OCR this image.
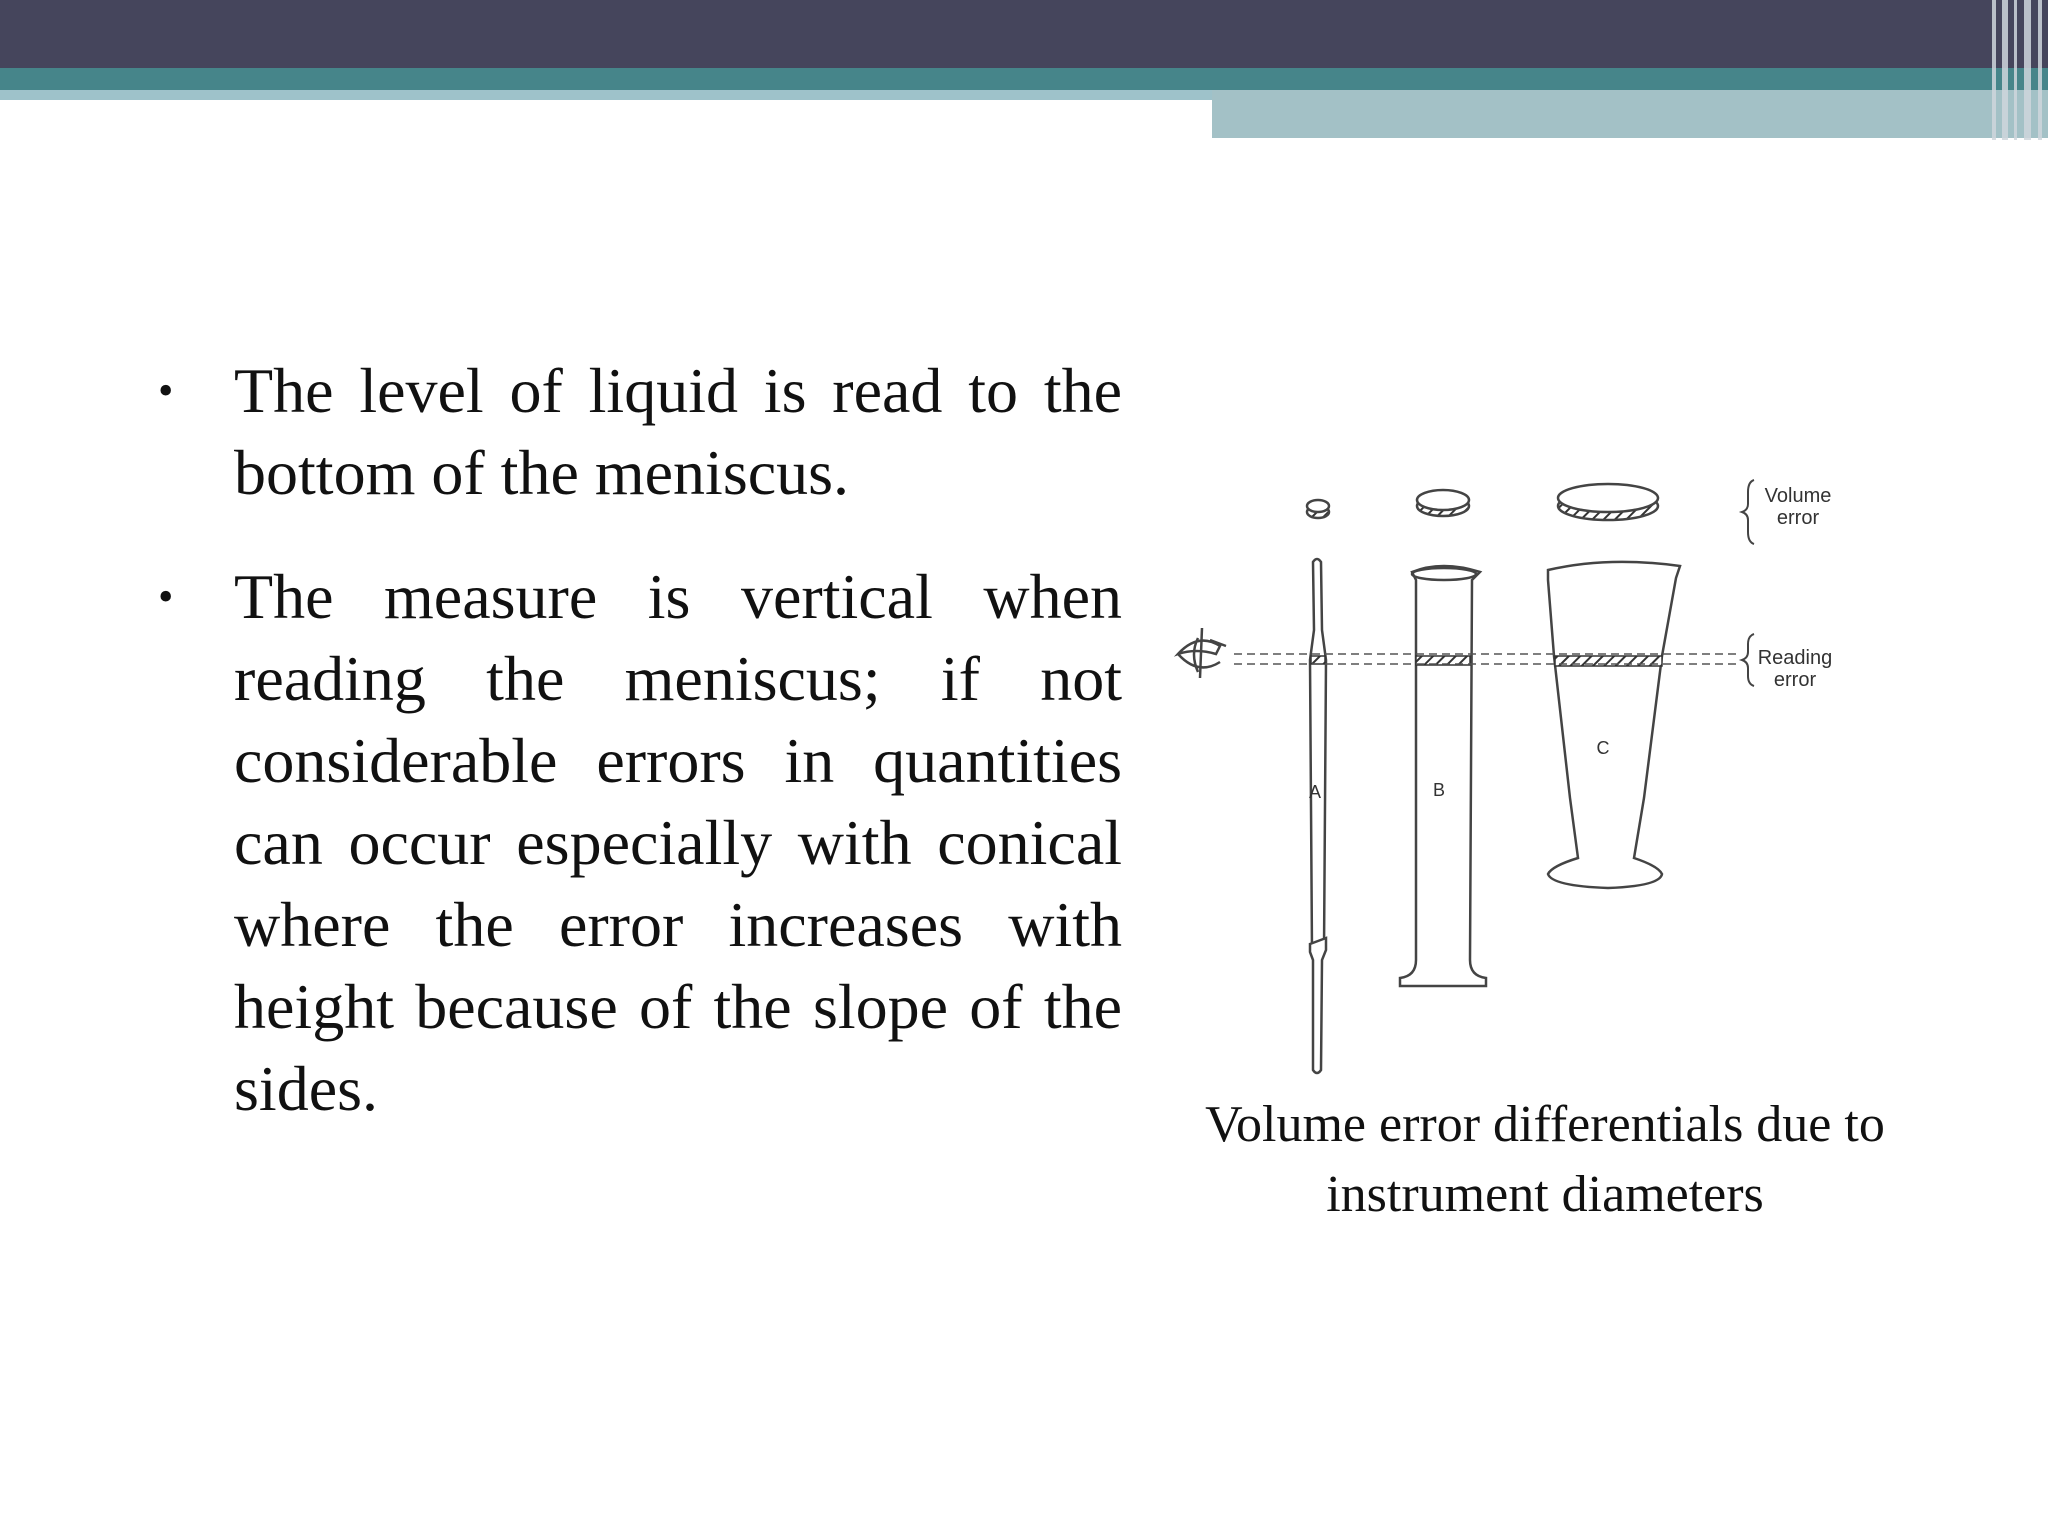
• The level of liquid is read to the bottom of the meniscus.
• The measure is vertical when reading the meniscus; if not considerable errors in quantities can occur especially with conical where the error increases with height because of the slope of the sides.
Volume
error
Reading
error
A	B
C
Volume error differentials due to instrument diameters
